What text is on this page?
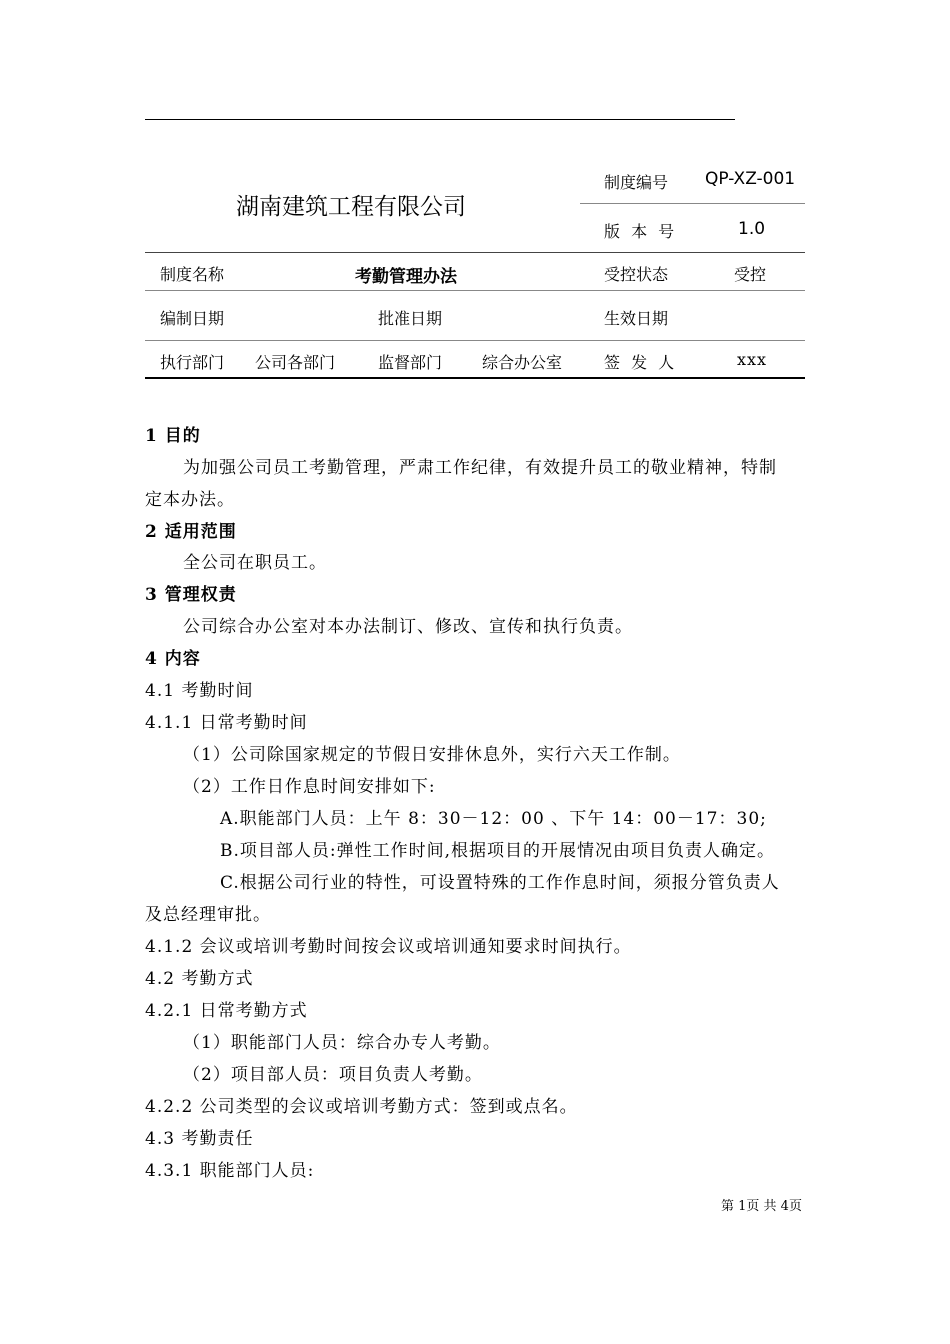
湖南建筑工程有限公司
制度编号 QP-XZ-001
版 本 号	1.0
制度名称	考勤管理办法	受控状态	受控
编制日期	批准日期	生效日期
执行部门 公司各部门	监督部门 综合办公室	签 发 人	xxx
1 目的
为加强公司员工考勤管理，严肃工作纪律，有效提升员工的敬业精神，特制
定本办法。
2 适用范围
全公司在职员工。
3 管理权责
公司综合办公室对本办法制订、修改、宣传和执行负责。
4 内容
4.1 考勤时间
4.1.1 日常考勤时间
（1）公司除国家规定的节假日安排休息外，实行六天工作制。
（2）工作日作息时间安排如下:
A.职能部门人员：上午 8：30－12：00 、下午 14：00－17：30;
B.项目部人员:弹性工作时间,根据项目的开展情况由项目负责人确定。
C.根据公司行业的特性，可设置特殊的工作作息时间，须报分管负责人
及总经理审批。
4.1.2 会议或培训考勤时间按会议或培训通知要求时间执行。
4.2 考勤方式
4.2.1 日常考勤方式
（1）职能部门人员：综合办专人考勤。
（2）项目部人员：项目负责人考勤。
4.2.2 公司类型的会议或培训考勤方式：签到或点名。
4.3 考勤责任
4.3.1 职能部门人员:
第 1页 共 4页
